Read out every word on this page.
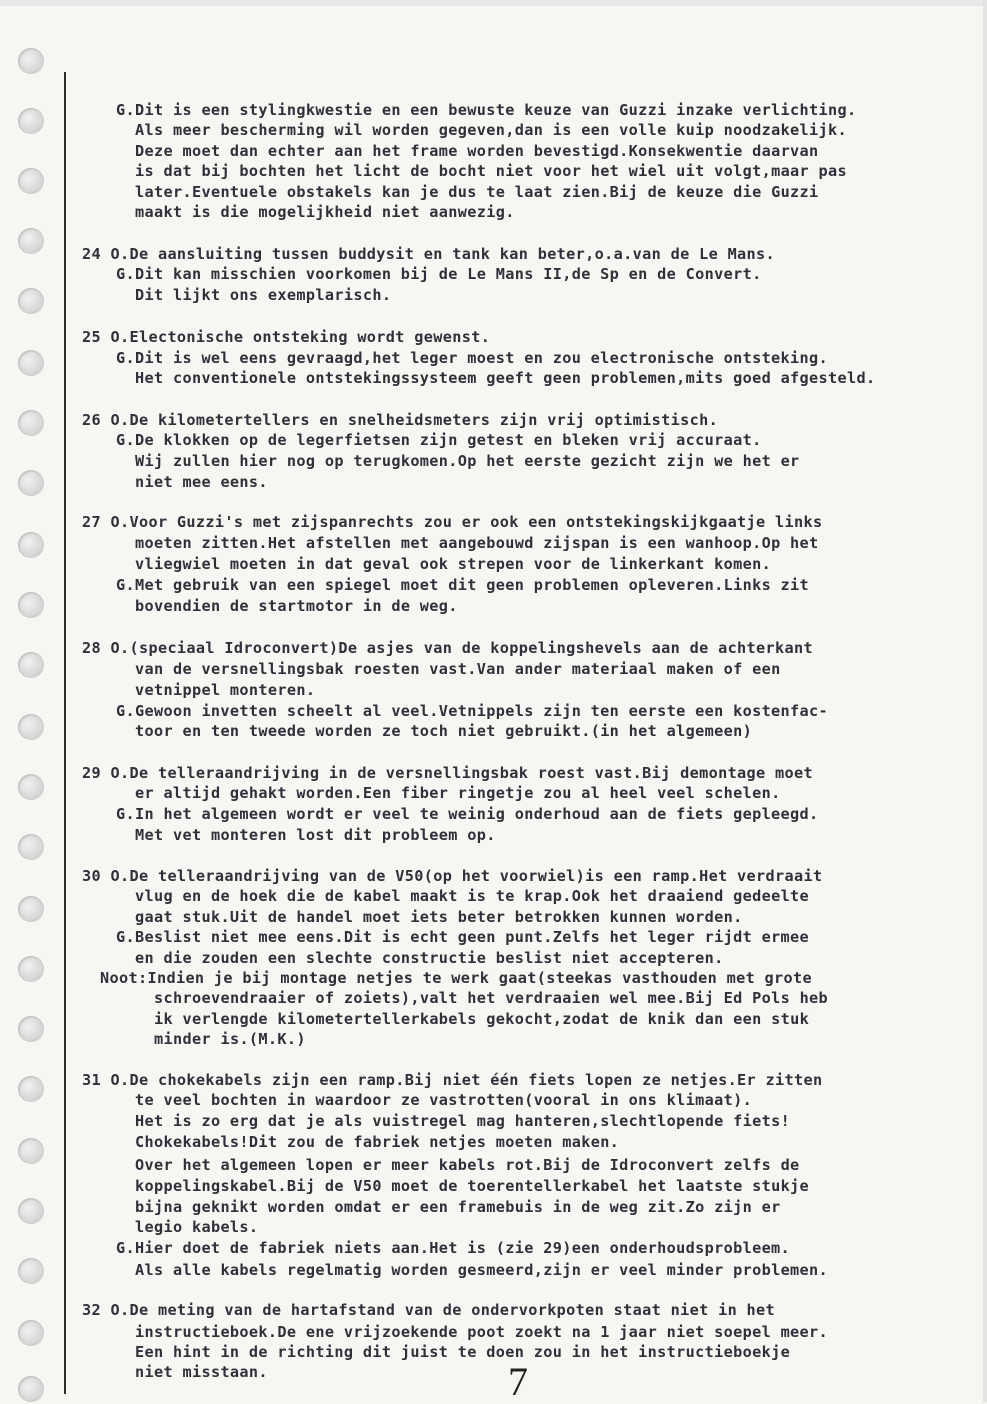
G.Dit is een stylingkwestie en een bewuste keuze van Guzzi inzake verlichting.
Als meer bescherming wil worden gegeven,dan is een volle kuip noodzakelijk.
Deze moet dan echter aan het frame worden bevestigd.Konsekwentie daarvan
is dat bij bochten het licht de bocht niet voor het wiel uit volgt,maar pas
later.Eventuele obstakels kan je dus te laat zien.Bij de keuze die Guzzi
maakt is die mogelijkheid niet aanwezig.
24 O.De aansluiting tussen buddysit en tank kan beter,o.a.van de Le Mans.
G.Dit kan misschien voorkomen bij de Le Mans II,de Sp en de Convert.
Dit lijkt ons exemplarisch.
25 O.Electonische ontsteking wordt gewenst.
G.Dit is wel eens gevraagd,het leger moest en zou electronische ontsteking.
Het conventionele ontstekingssysteem geeft geen problemen,mits goed afgesteld.
26 O.De kilometertellers en snelheidsmeters zijn vrij optimistisch.
G.De klokken op de legerfietsen zijn getest en bleken vrij accuraat.
Wij zullen hier nog op terugkomen.Op het eerste gezicht zijn we het er
niet mee eens.
27 O.Voor Guzzi's met zijspanrechts zou er ook een ontstekingskijkgaatje links
moeten zitten.Het afstellen met aangebouwd zijspan is een wanhoop.Op het
vliegwiel moeten in dat geval ook strepen voor de linkerkant komen.
G.Met gebruik van een spiegel moet dit geen problemen opleveren.Links zit
bovendien de startmotor in de weg.
28 O.(speciaal Idroconvert)De asjes van de koppelingshevels aan de achterkant
van de versnellingsbak roesten vast.Van ander materiaal maken of een
vetnippel monteren.
G.Gewoon invetten scheelt al veel.Vetnippels zijn ten eerste een kostenfac-
toor en ten tweede worden ze toch niet gebruikt.(in het algemeen)
29 O.De telleraandrijving in de versnellingsbak roest vast.Bij demontage moet
er altijd gehakt worden.Een fiber ringetje zou al heel veel schelen.
G.In het algemeen wordt er veel te weinig onderhoud aan de fiets gepleegd.
Met vet monteren lost dit probleem op.
30 O.De telleraandrijving van de V50(op het voorwiel)is een ramp.Het verdraait
vlug en de hoek die de kabel maakt is te krap.Ook het draaiend gedeelte
gaat stuk.Uit de handel moet iets beter betrokken kunnen worden.
G.Beslist niet mee eens.Dit is echt geen punt.Zelfs het leger rijdt ermee
en die zouden een slechte constructie beslist niet accepteren.
Noot:Indien je bij montage netjes te werk gaat(steekas vasthouden met grote
schroevendraaier of zoiets),valt het verdraaien wel mee.Bij Ed Pols heb
ik verlengde kilometertellerkabels gekocht,zodat de knik dan een stuk
minder is.(M.K.)
31 O.De chokekabels zijn een ramp.Bij niet één fiets lopen ze netjes.Er zitten
te veel bochten in waardoor ze vastrotten(vooral in ons klimaat).
Het is zo erg dat je als vuistregel mag hanteren,slechtlopende fiets!
Chokekabels!Dit zou de fabriek netjes moeten maken.
Over het algemeen lopen er meer kabels rot.Bij de Idroconvert zelfs de
koppelingskabel.Bij de V50 moet de toerentellerkabel het laatste stukje
bijna geknikt worden omdat er een framebuis in de weg zit.Zo zijn er
legio kabels.
G.Hier doet de fabriek niets aan.Het is (zie 29)een onderhoudsprobleem.
Als alle kabels regelmatig worden gesmeerd,zijn er veel minder problemen.
32 O.De meting van de hartafstand van de ondervorkpoten staat niet in het
instructieboek.De ene vrijzoekende poot zoekt na 1 jaar niet soepel meer.
Een hint in de richting dit juist te doen zou in het instructieboekje
niet misstaan.	7
